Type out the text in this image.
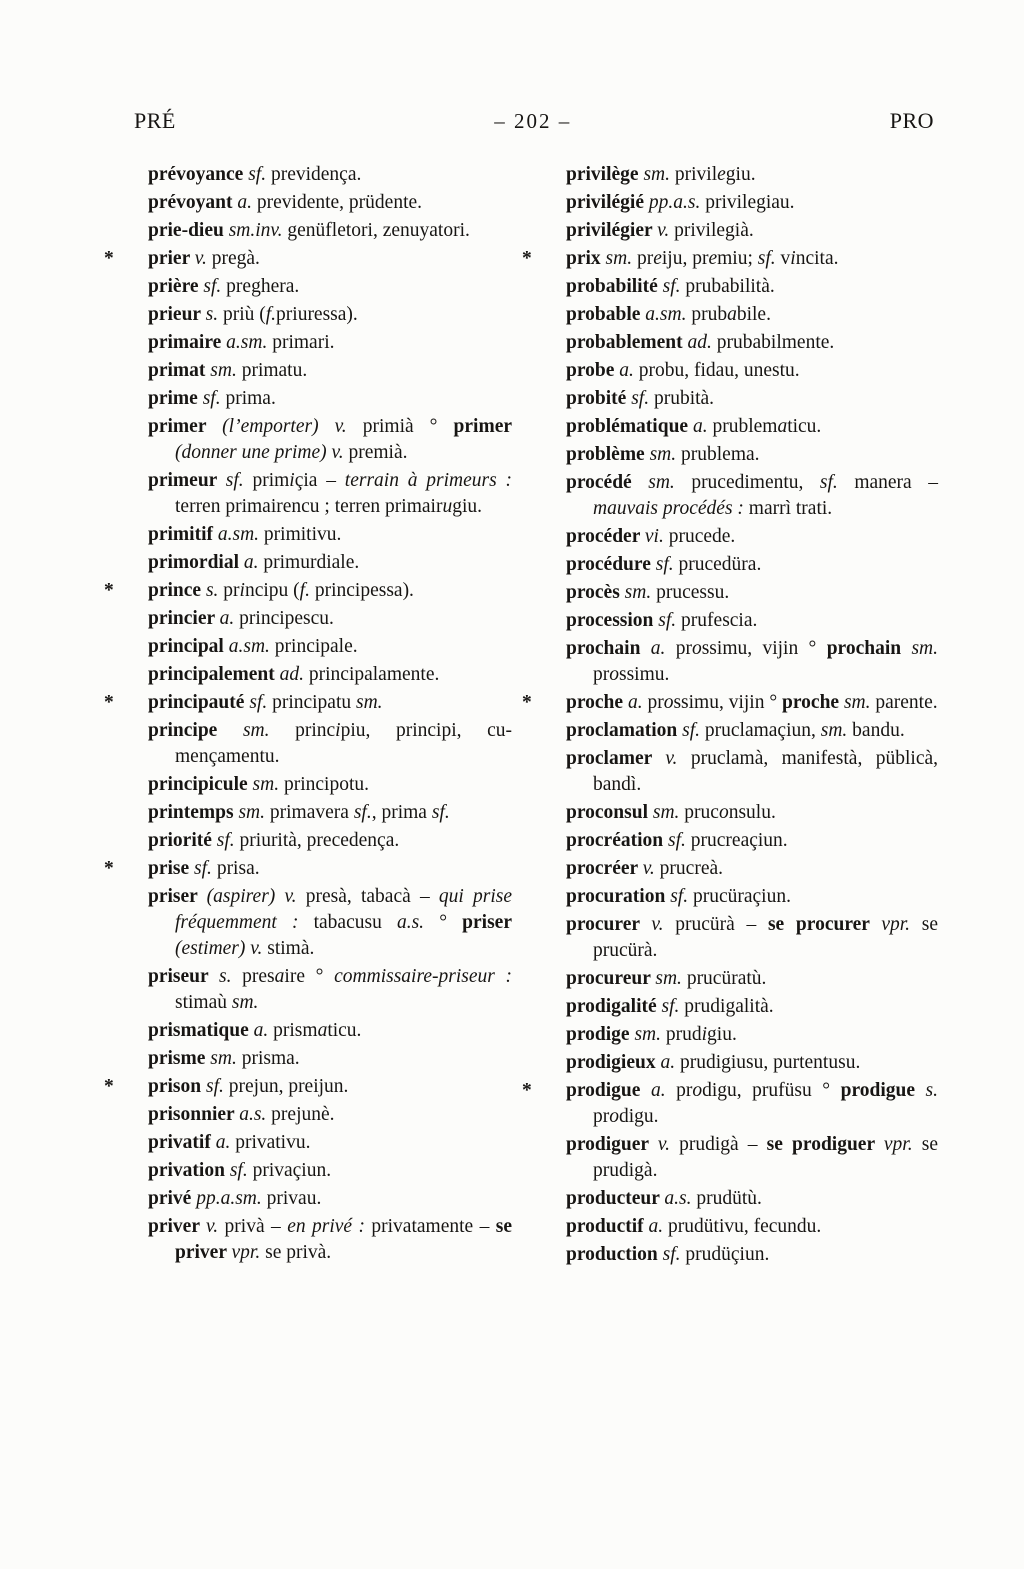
PRÉ	– 202 –	PRO

prévoyance sf. previdença.

prévoyant a. previdente, prüdente.

prie-dieu sm.inv. genüfletori, zenuyatori.

*	prier v. pregà.

prière sf. preghera.

prieur s. priù (f.priuressa).

primaire a.sm. primari.

primat sm. primatu.

prime sf. prima.

primer (l’emporter) v. primià ° primer (donner une prime) v. premià.

primeur sf. primiçia – terrain à primeurs : terren primairencu ; terren primairugiu.

primitif a.sm. primitivu.

primordial a. primurdiale.

*	prince s. principu (f. principessa).

princier a. principescu.

principal a.sm. principale.

principalement ad. principalamente.

*	principauté sf. principatu sm.

principe sm. principiu, principi, cumençamentu.

principicule sm. principotu.

printemps sm. primavera sf., prima sf.

priorité sf. priurità, precedença.

*	prise sf. prisa.

priser (aspirer) v. presà, tabacà – qui prise fréquemment : tabacusu a.s. ° priser (estimer) v. stimà.

priseur s. presaire ° commissaire-priseur : stimaù sm.

prismatique a. prismaticu.

prisme sm. prisma.

*	prison sf. prejun, preijun.

prisonnier a.s. prejunè.

privatif a. privativu.

privation sf. privaçiun.

privé pp.a.sm. privau.

priver v. privà – en privé : privatamente – se priver vpr. se privà.

privilège sm. privilegiu.

privilégié pp.a.s. privilegiau.

privilégier v. privilegià.

*	prix sm. preiju, premiu; sf. vincita.

probabilité sf. prubabilità.

probable a.sm. prubabile.

probablement ad. prubabilmente.

probe a. probu, fidau, unestu.

probité sf. prubità.

problématique a. prublematicu.

problème sm. prublema.

procédé sm. prucedimentu, sf. manera – mauvais procédés : marrì trati.

procéder vi. prucede.

procédure sf. prucedüra.

procès sm. prucessu.

procession sf. prufescia.

prochain a. prossimu, vijin ° prochain sm. prossimu.

*	proche a. prossimu, vijin ° proche sm. parente.

proclamation sf. pruclamaçiun, sm. bandu.

proclamer v. pruclamà, manifestà, püblicà, bandì.

proconsul sm. pruconsulu.

procréation sf. prucreaçiun.

procréer v. prucreà.

procuration sf. prucüraçiun.

procurer v. prucürà – se procurer vpr. se prucürà.

procureur sm. prucüratù.

prodigalité sf. prudigalità.

prodige sm. prudigiu.

prodigieux a. prudigiusu, purtentusu.

*	prodigue a. prodigu, prufüsu ° prodigue s. prodigu.

prodiguer v. prudigà – se prodiguer vpr. se prudigà.

producteur a.s. prudütù.

productif a. prudütivu, fecundu.

production sf. prudüçiun.
